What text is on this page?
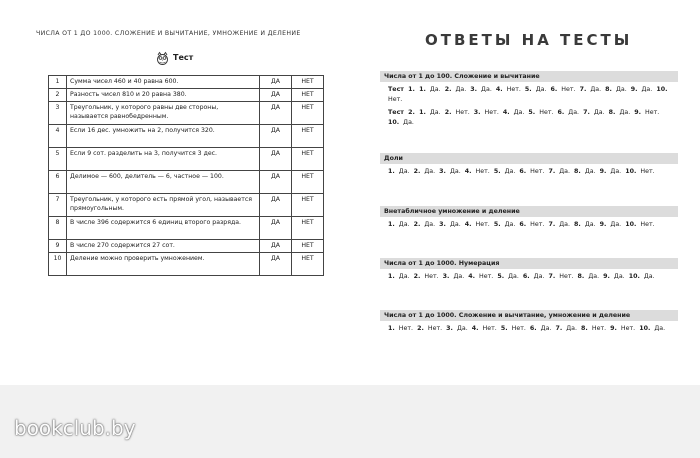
ЧИСЛА ОТ 1 ДО 1000. СЛОЖЕНИЕ И ВЫЧИТАНИЕ, УМНОЖЕНИЕ И ДЕЛЕНИЕ
Тест
1	Сумма чисел 460 и 40 равна 600.	ДА	НЕТ
2	Разность чисел 810 и 20 равна 380.	ДА	НЕТ
3	Треугольник, у которого равны две стороны, называется равнобедренным.	ДА	НЕТ
4	Если 16 дес. умножить на 2, получится 320.	ДА	НЕТ
5	Если 9 сот. разделить на 3, получится 3 дес.	ДА	НЕТ
6	Делимое — 600, делитель — 6, частное — 100.	ДА	НЕТ
7	Треугольник, у которого есть прямой угол, называется прямоугольным.	ДА	НЕТ
8	В числе 396 содержится 6 единиц второго разряда.	ДА	НЕТ
9	В числе 270 содержится 27 сот.	ДА	НЕТ
10	Деление можно проверить умножением.	ДА	НЕТ
ОТВЕТЫ НА ТЕСТЫ
Числа от 1 до 100. Сложение и вычитание
Тест 1. 1. Да. 2. Да. 3. Да. 4. Нет. 5. Да. 6. Нет. 7. Да. 8. Да. 9. Да. 10. Нет.
Тест 2. 1. Да. 2. Нет. 3. Нет. 4. Да. 5. Нет. 6. Да. 7. Да. 8. Да. 9. Нет. 10. Да.
Доли
1. Да. 2. Да. 3. Да. 4. Нет. 5. Да. 6. Нет. 7. Да. 8. Да. 9. Да. 10. Нет.
Внетабличное умножение и деление
1. Да. 2. Да. 3. Да. 4. Нет. 5. Да. 6. Нет. 7. Да. 8. Да. 9. Да. 10. Нет.
Числа от 1 до 1000. Нумерация
1. Да. 2. Нет. 3. Да. 4. Нет. 5. Да. 6. Да. 7. Нет. 8. Да. 9. Да. 10. Да.
Числа от 1 до 1000. Сложение и вычитание, умножение и деление
1. Нет. 2. Нет. 3. Да. 4. Нет. 5. Нет. 6. Да. 7. Да. 8. Нет. 9. Нет. 10. Да.
bookclub.by
